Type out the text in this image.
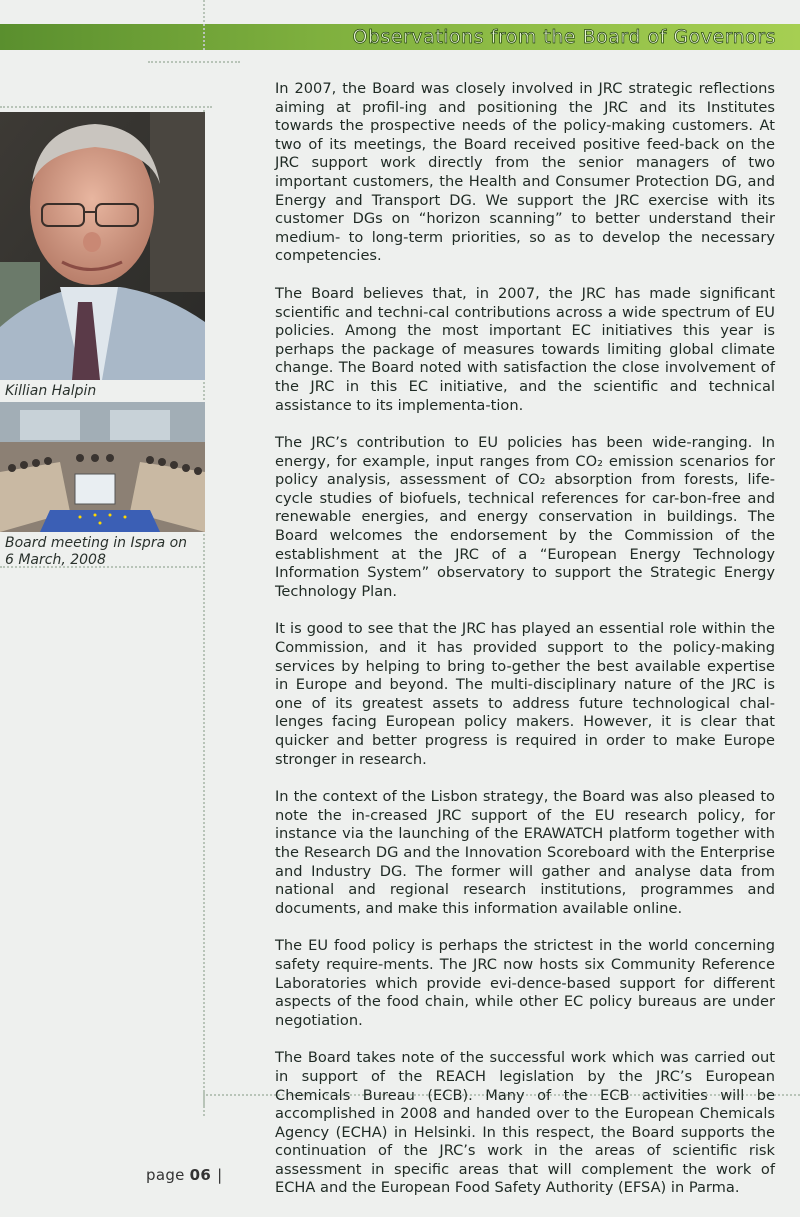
Observations from the Board of Governors
Killian Halpin
Board meeting in Ispra on
6 March, 2008

In 2007, the Board was closely involved in JRC strategic reflections aiming at profil-ing and positioning the JRC and its Institutes towards the prospective needs of the policy-making customers. At two of its meetings, the Board received positive feed-back on the JRC support work directly from the senior managers of two important customers, the Health and Consumer Protection DG, and Energy and Transport DG. We support the JRC exercise with its customer DGs on “horizon scanning” to better understand their medium- to long-term priorities, so as to develop the necessary competencies.

The Board believes that, in 2007, the JRC has made significant scientific and techni-cal contributions across a wide spectrum of EU policies. Among the most important EC initiatives this year is perhaps the package of measures towards limiting global climate change. The Board noted with satisfaction the close involvement of the JRC in this EC initiative, and the scientific and technical assistance to its implementa-tion.

The JRC’s contribution to EU policies has been wide-ranging. In energy, for example, input ranges from CO₂ emission scenarios for policy analysis, assessment of CO₂ absorption from forests, life-cycle studies of biofuels, technical references for car-bon-free and renewable energies, and energy conservation in buildings. The Board welcomes the endorsement by the Commission of the establishment at the JRC of a “European Energy Technology Information System” observatory to support the Strategic Energy Technology Plan.

It is good to see that the JRC has played an essential role within the Commission, and it has provided support to the policy-making services by helping to bring to-gether the best available expertise in Europe and beyond. The multi-disciplinary nature of the JRC is one of its greatest assets to address future technological chal-lenges facing European policy makers. However, it is clear that quicker and better progress is required in order to make Europe stronger in research.

In the context of the Lisbon strategy, the Board was also pleased to note the in-creased JRC support of the EU research policy, for instance via the launching of the ERAWATCH platform together with the Research DG and the Innovation Scoreboard with the Enterprise and Industry DG. The former will gather and analyse data from national and regional research institutions, programmes and documents, and make this information available online.

The EU food policy is perhaps the strictest in the world concerning safety require-ments. The JRC now hosts six Community Reference Laboratories which provide evi-dence-based support for different aspects of the food chain, while other EC policy bureaus are under negotiation.

The Board takes note of the successful work which was carried out in support of the REACH legislation by the JRC’s European Chemicals Bureau (ECB). Many of the ECB activities will be accomplished in 2008 and handed over to the European Chemicals Agency (ECHA) in Helsinki. In this respect, the Board supports the continuation of the JRC’s work in the areas of scientific risk assessment in specific areas that will complement the work of ECHA and the European Food Safety Authority (EFSA) in Parma.

page 06 |
